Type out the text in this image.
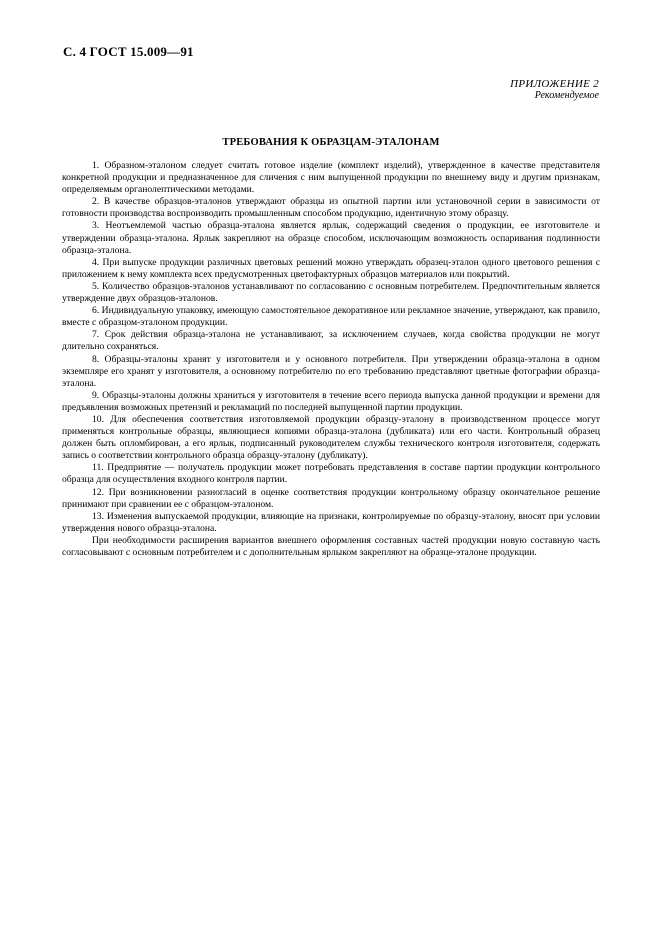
С. 4 ГОСТ 15.009—91
ПРИЛОЖЕНИЕ 2
Рекомендуемое
ТРЕБОВАНИЯ К ОБРАЗЦАМ-ЭТАЛОНАМ

1. Образном-эталоном следует считать готовое изделие (комплект изделий), утвержденное в качестве представителя конкретной продукции и предназначенное для сличения с ним выпущенной продукции по внешнему виду и другим признакам, определяемым органолептическими методами.

2. В качестве образцов-эталонов утверждают образцы из опытной партии или установочной серии в зависимости от готовности производства воспроизводить промышленным способом продукцию, идентичную этому образцу.

3. Неотъемлемой частью образца-эталона является ярлык, содержащий сведения о продукции, ее изготовителе и утверждении образца-эталона. Ярлык закрепляют на образце способом, исключающим возможность оспаривания подлинности образца-эталона.

4. При выпуске продукции различных цветовых решений можно утверждать образец-эталон одного цветового решения с приложением к нему комплекта всех предусмотренных цветофактурных образцов материалов или покрытий.

5. Количество образцов-эталонов устанавливают по согласованию с основным потребителем. Предпочтительным является утверждение двух образцов-эталонов.

6. Индивидуальную упаковку, имеющую самостоятельное декоративное или рекламное значение, утверждают, как правило, вместе с образцом-эталоном продукции.

7. Срок действия образца-эталона не устанавливают, за исключением случаев, когда свойства продукции не могут длительно сохраняться.

8. Образцы-эталоны хранят у изготовителя и у основного потребителя. При утверждении образца-эталона в одном экземпляре его хранят у изготовителя, а основному потребителю по его требованию представляют цветные фотографии образца-эталона.

9. Образцы-эталоны должны храниться у изготовителя в течение всего периода выпуска данной продукции и времени для предъявления возможных претензий и рекламаций по последней выпущенной партии продукции.

10. Для обеспечения соответствия изготовляемой продукции образцу-эталону в производственном процессе могут применяться контрольные образцы, являющиеся копиями образца-эталона (дубликата) или его части. Контрольный образец должен быть опломбирован, а его ярлык, подписанный руководителем службы технического контроля изготовителя, содержать запись о соответствии контрольного образца образцу-эталону (дубликату).

11. Предприятие — получатель продукции может потребовать представления в составе партии продукции контрольного образца для осуществления входного контроля партии.

12. При возникновении разногласий в оценке соответствия продукции контрольному образцу окончательное решение принимают при сравнении ее с образцом-эталоном.

13. Изменения выпускаемой продукции, влияющие на признаки, контролируемые по образцу-эталону, вносят при условии утверждения нового образца-эталона.

При необходимости расширения вариантов внешнего оформления составных частей продукции новую составную часть согласовывают с основным потребителем и с дополнительным ярлыком закрепляют на образце-эталоне продукции.
